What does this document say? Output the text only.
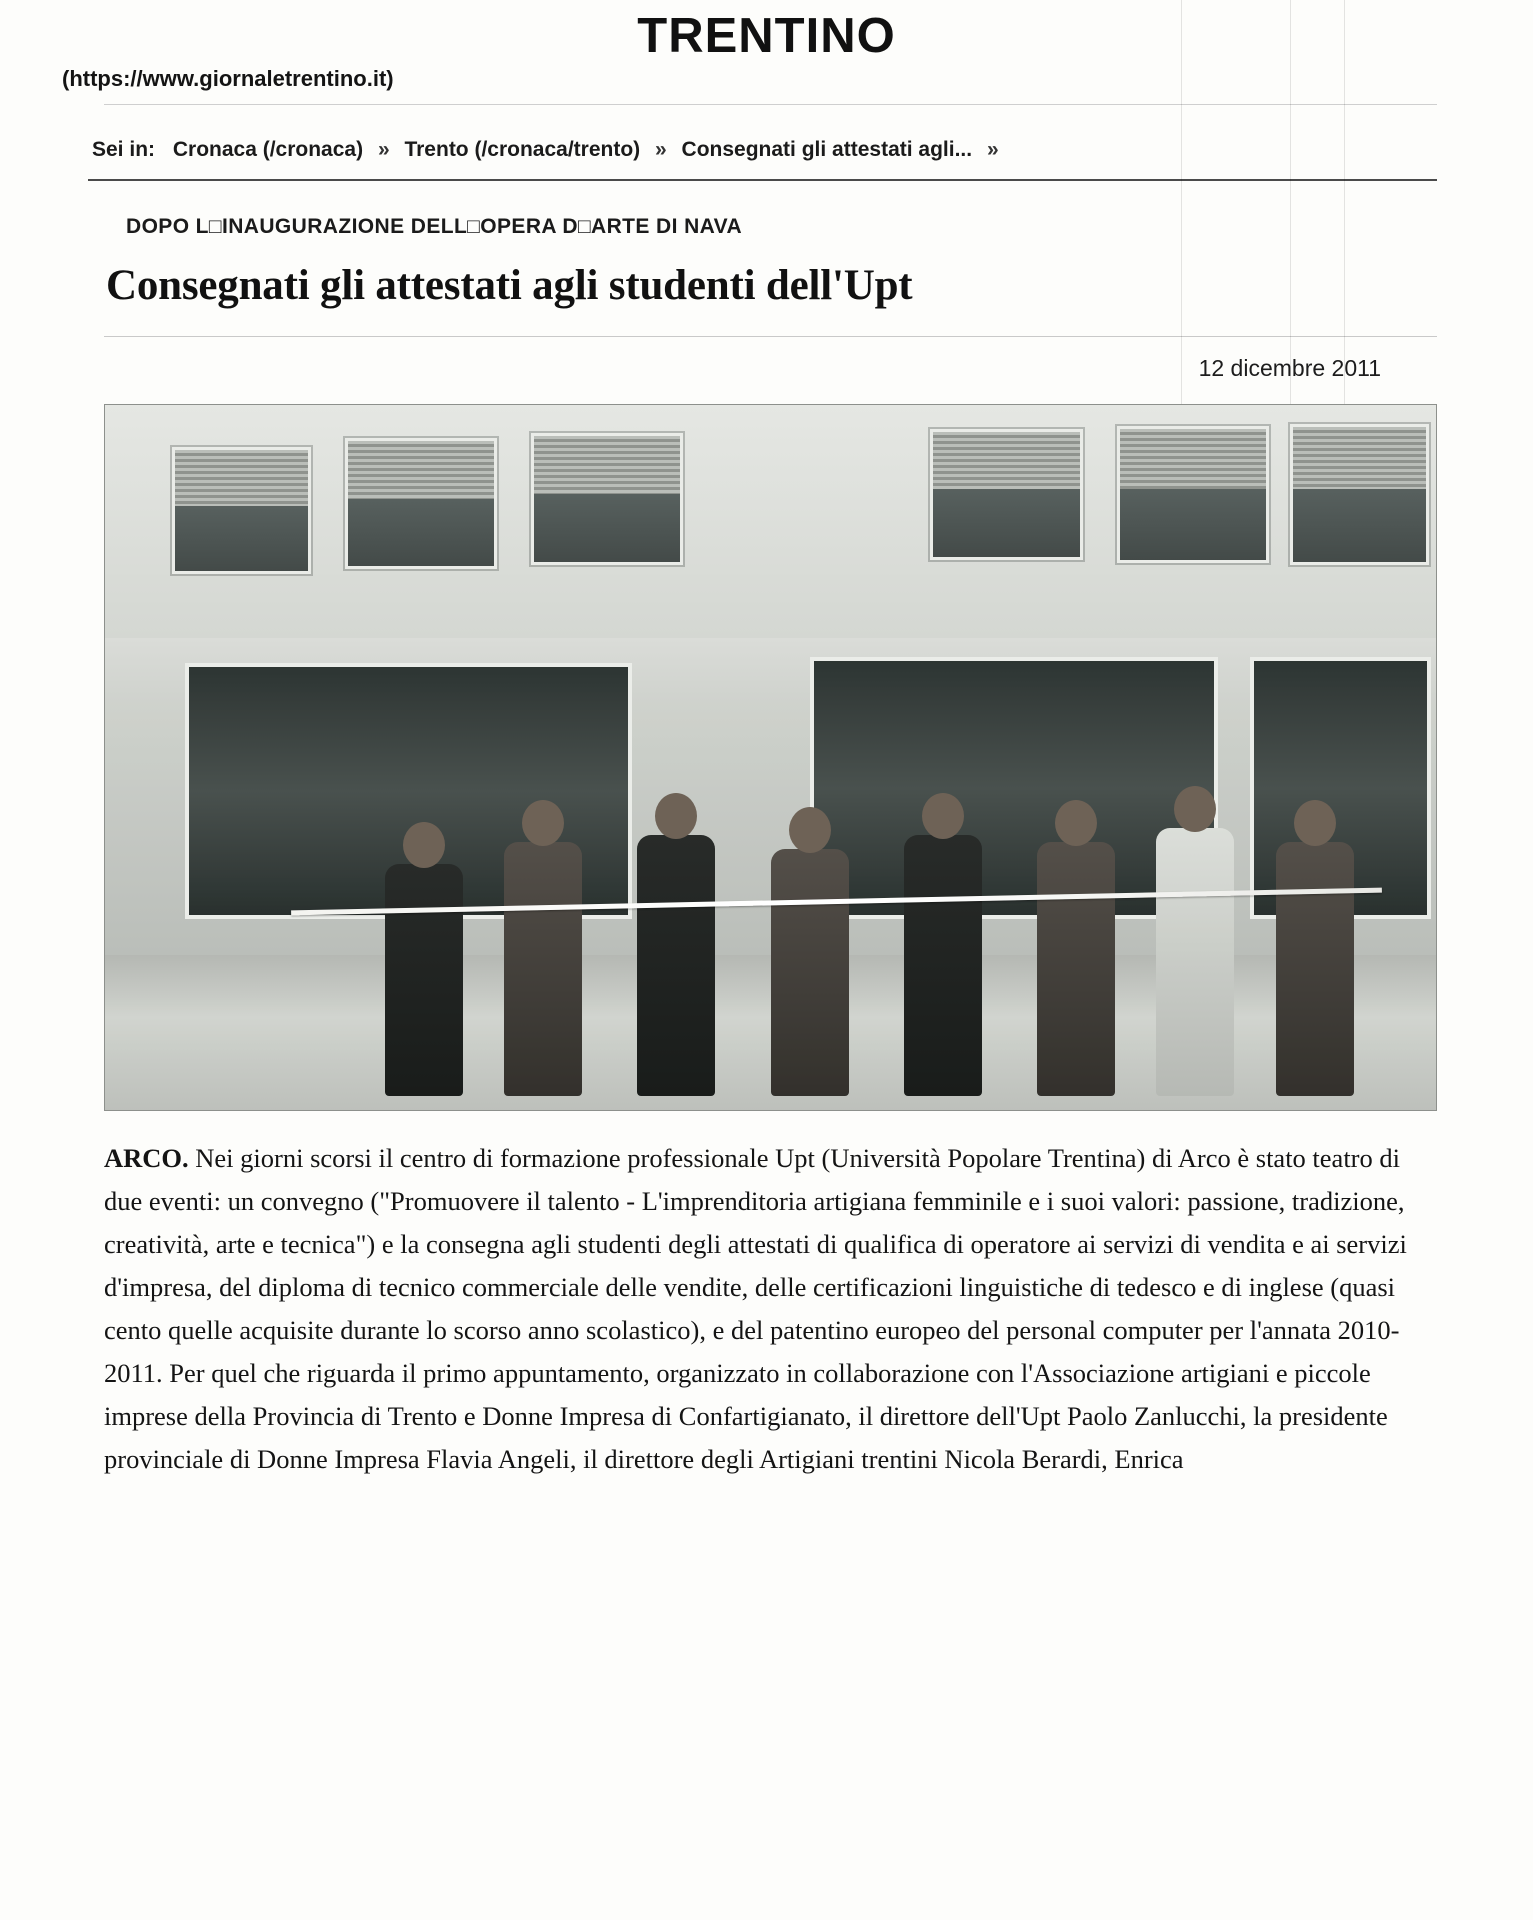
TRENTINO
(https://www.giornaletrentino.it)
Sei in: Cronaca (/cronaca) » Trento (/cronaca/trento) » Consegnati gli attestati agli... »
DOPO L□INAUGURAZIONE DELL□OPERA D□ARTE DI NAVA
Consegnati gli attestati agli studenti dell'Upt
12 dicembre 2011
ARCO. Nei giorni scorsi il centro di formazione professionale Upt (Università Popolare Trentina) di Arco è stato teatro di due eventi: un convegno ("Promuovere il talento - L'imprenditoria artigiana femminile e i suoi valori: passione, tradizione, creatività, arte e tecnica") e la consegna agli studenti degli attestati di qualifica di operatore ai servizi di vendita e ai servizi d'impresa, del diploma di tecnico commerciale delle vendite, delle certificazioni linguistiche di tedesco e di inglese (quasi cento quelle acquisite durante lo scorso anno scolastico), e del patentino europeo del personal computer per l'annata 2010-2011. Per quel che riguarda il primo appuntamento, organizzato in collaborazione con l'Associazione artigiani e piccole imprese della Provincia di Trento e Donne Impresa di Confartigianato, il direttore dell'Upt Paolo Zanlucchi, la presidente provinciale di Donne Impresa Flavia Angeli, il direttore degli Artigiani trentini Nicola Berardi, Enrica
